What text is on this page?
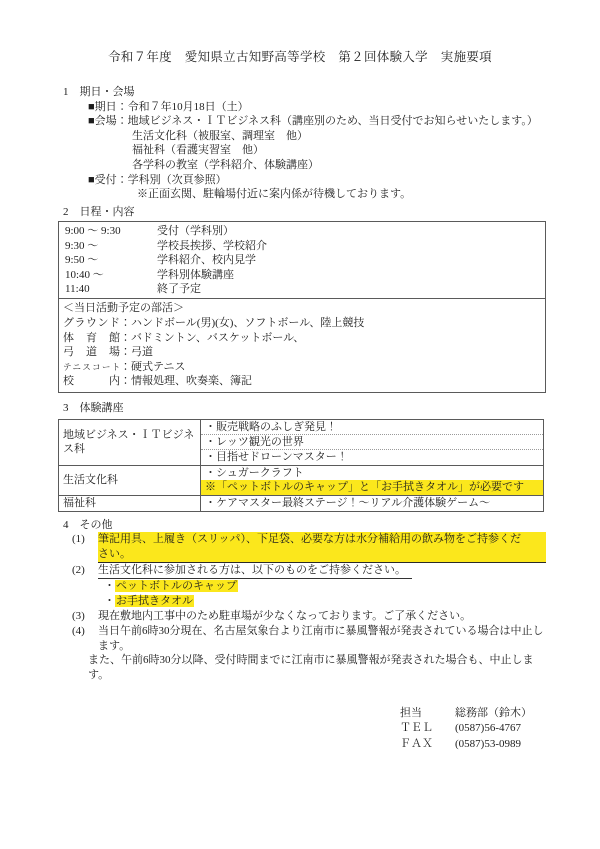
令和７年度　愛知県立古知野高等学校　第２回体験入学　実施要項
1　期日・会場
■期日：令和７年10月18日（土）
■会場：地域ビジネス・ＩＴビジネス科（講座別のため、当日受付でお知らせいたします。）
生活文化科（被服室、調理室　他）
福祉科（看護実習室　他）
各学科の教室（学科紹介、体験講座）
■受付：学科別（次頁参照）
※正面玄関、駐輪場付近に案内係が待機しております。
2　日程・内容
9:00 ～ 9:30	受付（学科別）
9:30 ～	学校長挨拶、学校紹介
9:50 ～	学科紹介、校内見学
10:40 ～	学科別体験講座
11:40	終了予定
＜当日活動予定の部活＞
グラウンド：ハンドボール(男)(女)、ソフトボール、陸上競技
体育館：バドミントン、バスケットボール、
弓道場：弓道
テニスコート：硬式テニス
校内：情報処理、吹奏楽、簿記
3　体験講座
地域ビジネス・ＩＴビジネス科	・販売戦略のふしぎ発見！
	・レッツ観光の世界
	・目指せドローンマスター！
生活文化科	・シュガークラフト
※「ペットボトルのキャップ」と「お手拭きタオル」が必要です

福祉科	・ケアマスター最終ステージ！～リアル介護体験ゲーム～
4　その他
(1)	筆記用具、上履き（スリッパ）、下足袋、必要な方は水分補給用の飲み物をご持参ください。
(2)	生活文化科に参加される方は、以下のものをご持参ください。
・ペットボトルのキャップ
・お手拭きタオル
(3)	現在敷地内工事中のため駐車場が少なくなっております。ご了承ください。
(4)	当日午前6時30分現在、名古屋気象台より江南市に暴風警報が発表されている場合は中止します。
また、午前6時30分以降、受付時間までに江南市に暴風警報が発表された場合も、中止します。
担当	総務部（鈴木）
ＴＥＬ	(0587)56-4767
ＦＡＸ	(0587)53-0989
